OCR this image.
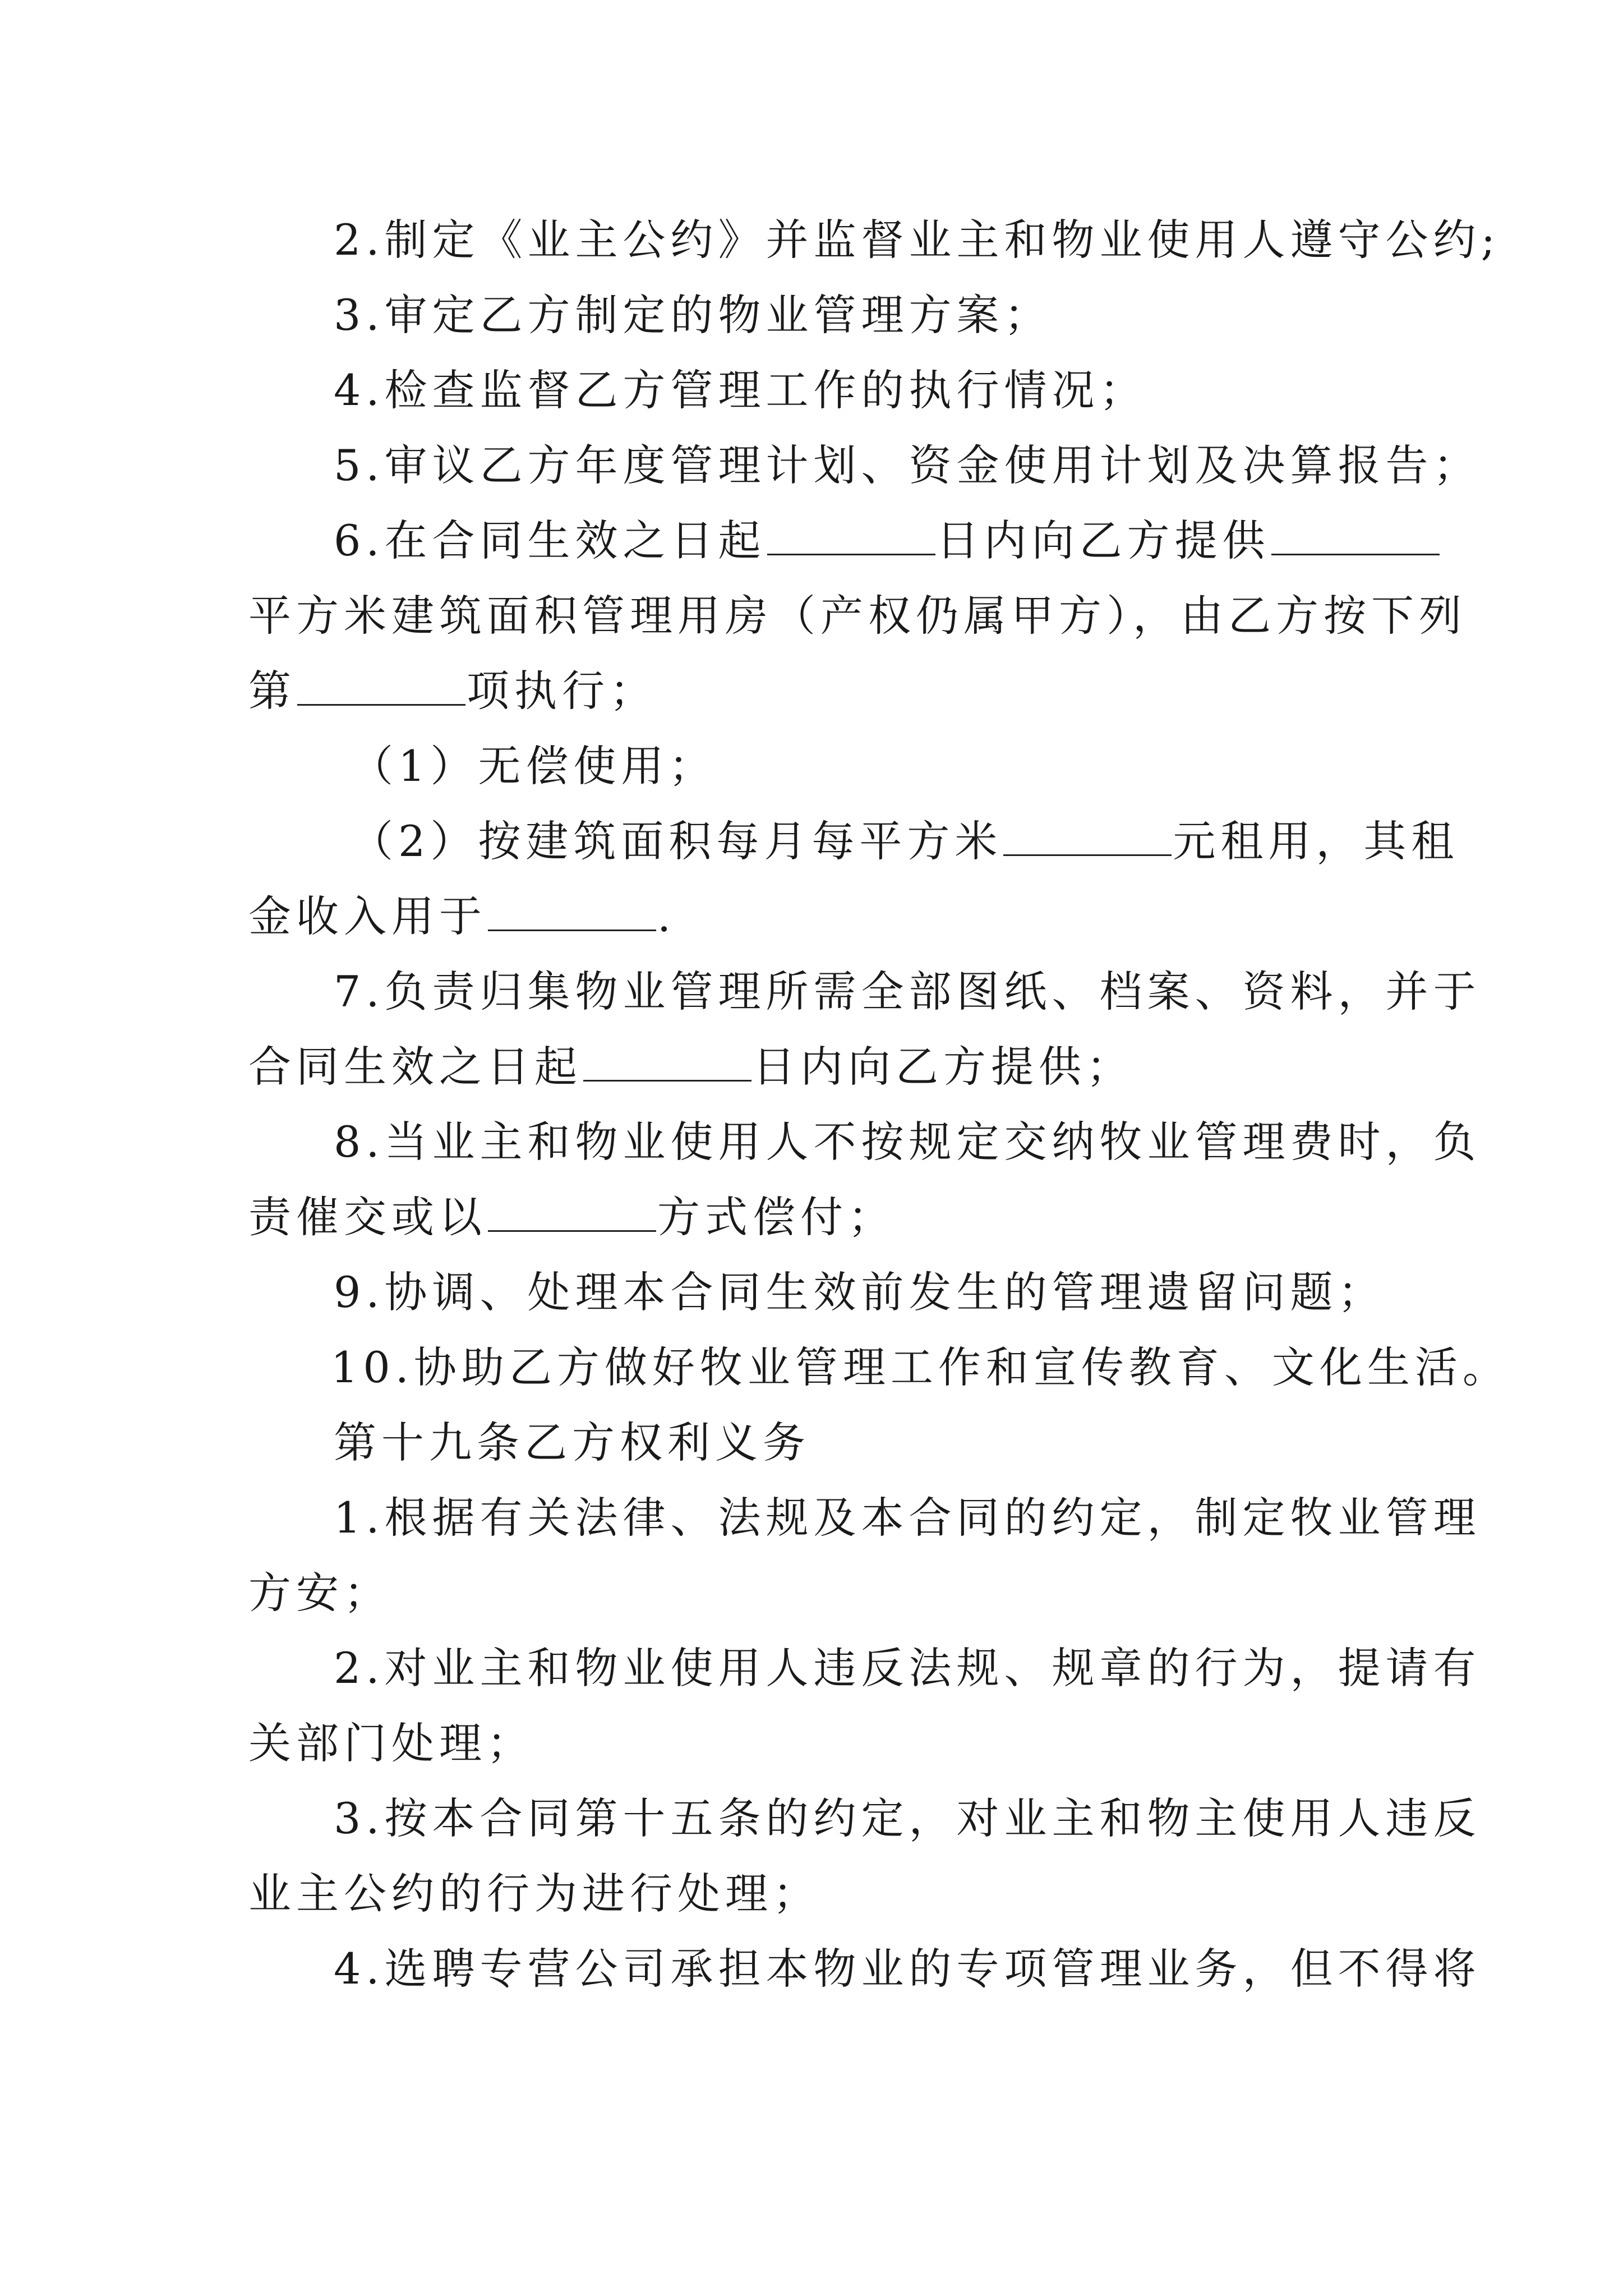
2.制定《业主公约》并监督业主和物业使用人遵守公约;
3.审定乙方制定的物业管理方案；
4.检查监督乙方管理工作的执行情况；
5.审议乙方年度管理计划、资金使用计划及决算报告；
6.在合同生效之日起	日内向乙方提供
平方米建筑面积管理用房（产权仍属甲方），由乙方按下列
第	项执行；
（1）无偿使用；
（2）按建筑面积每月每平方米	元租用，其租
金收入用于	.
7.负责归集物业管理所需全部图纸、档案、资料，并于
合同生效之日起	日内向乙方提供；
8.当业主和物业使用人不按规定交纳牧业管理费时，负
责催交或以	方式偿付；
9.协调、处理本合同生效前发生的管理遗留问题；
10.协助乙方做好牧业管理工作和宣传教育、文化生活。
第十九条乙方权利义务
1.根据有关法律、法规及本合同的约定，制定牧业管理
方安；
2.对业主和物业使用人违反法规、规章的行为，提请有
关部门处理；
3.按本合同第十五条的约定，对业主和物主使用人违反
业主公约的行为进行处理；
4.选聘专营公司承担本物业的专项管理业务，但不得将
